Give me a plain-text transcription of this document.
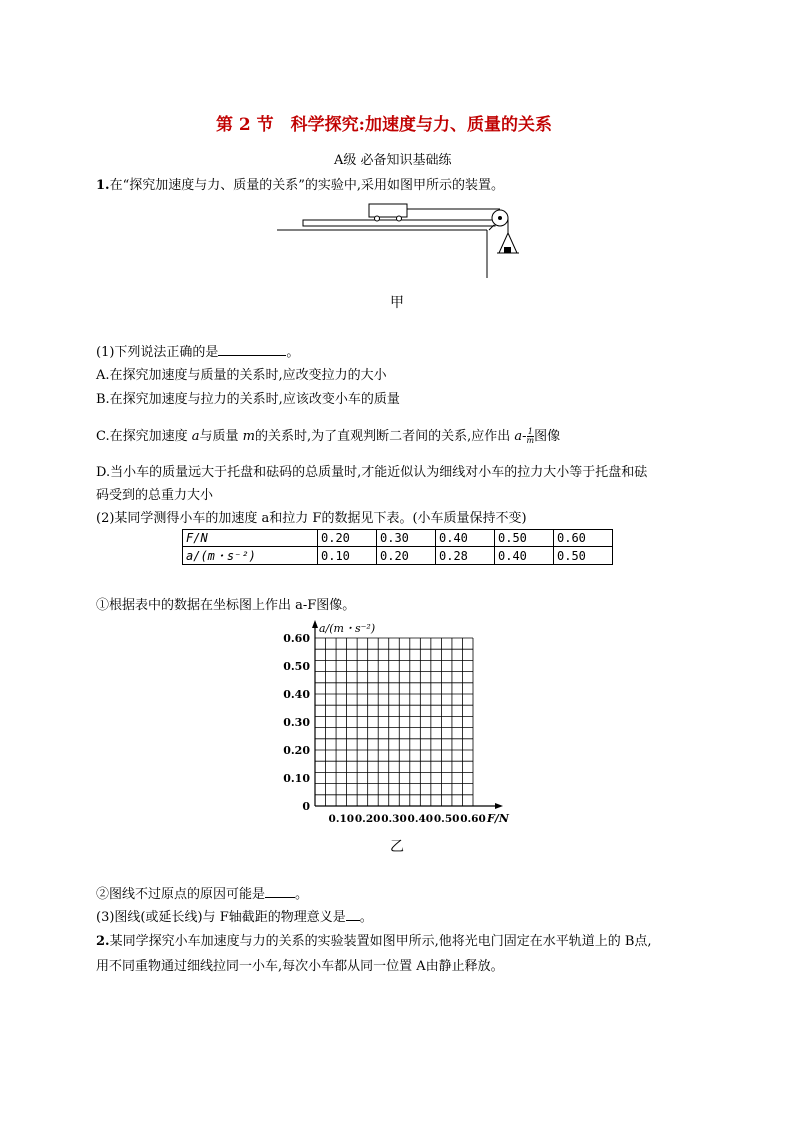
第 2 节　科学探究:加速度与力、质量的关系
A级 必备知识基础练
1.在“探究加速度与力、质量的关系”的实验中,采用如图甲所示的装置。
甲
(1)下列说法正确的是	。
A.在探究加速度与质量的关系时,应改变拉力的大小
B.在探究加速度与拉力的关系时,应该改变小车的质量
C.在探究加速度 a与质量 m的关系时,为了直观判断二者间的关系,应作出 $a- \frac{1}{m}$ 图像
D.当小车的质量远大于托盘和砝码的总质量时,才能近似认为细线对小车的拉力大小等于托盘和砝
码受到的总重力大小
(2)某同学测得小车的加速度 a和拉力 F的数据见下表。(小车质量保持不变)
F/N	0.20	0.30	0.40	0.50	0.60
a/(m・s⁻²)	0.10	0.20	0.28	0.40	0.50
①根据表中的数据在坐标图上作出 a-F图像。
0
0.10
0.20
0.30
0.40
0.50
0.60
0.10 0.20 0.30 0.40 0.50 0.60
a/(m・s⁻²)
F/N
乙
②图线不过原点的原因可能是 。
(3)图线(或延长线)与 F轴截距的物理意义是 。
2.某同学探究小车加速度与力的关系的实验装置如图甲所示,他将光电门固定在水平轨道上的 B点,
用不同重物通过细线拉同一小车,每次小车都从同一位置 A由静止释放。
